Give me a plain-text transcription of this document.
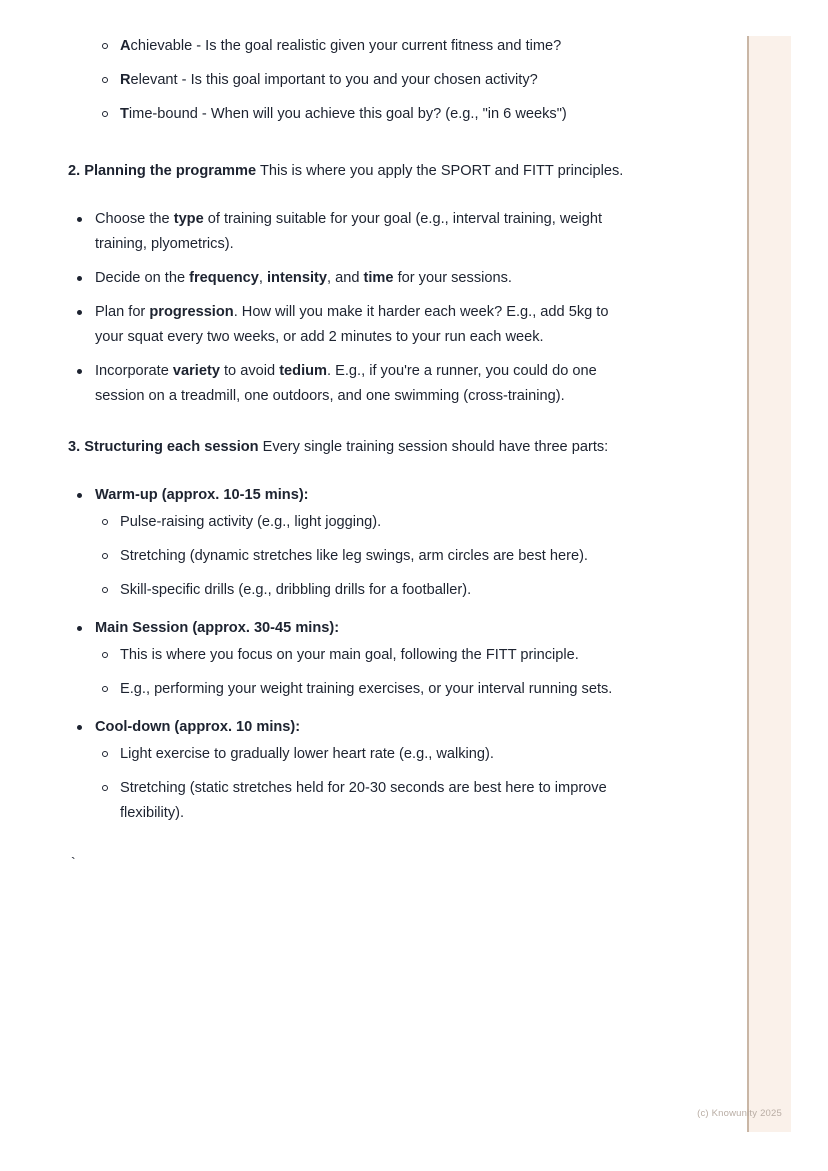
Achievable - Is the goal realistic given your current fitness and time?
Relevant - Is this goal important to you and your chosen activity?
Time-bound - When will you achieve this goal by? (e.g., "in 6 weeks")

2. Planning the programme This is where you apply the SPORT and FITT principles.

Choose the type of training suitable for your goal (e.g., interval training, weight training, plyometrics).
Decide on the frequency, intensity, and time for your sessions.
Plan for progression. How will you make it harder each week? E.g., add 5kg to your squat every two weeks, or add 2 minutes to your run each week.
Incorporate variety to avoid tedium. E.g., if you're a runner, you could do one session on a treadmill, one outdoors, and one swimming (cross-training).

3. Structuring each session Every single training session should have three parts:

Warm-up (approx. 10-15 mins):
Pulse-raising activity (e.g., light jogging).
Stretching (dynamic stretches like leg swings, arm circles are best here).
Skill-specific drills (e.g., dribbling drills for a footballer).
Main Session (approx. 30-45 mins):
This is where you focus on your main goal, following the FITT principle.
E.g., performing your weight training exercises, or your interval running sets.
Cool-down (approx. 10 mins):
Light exercise to gradually lower heart rate (e.g., walking).
Stretching (static stretches held for 20-30 seconds are best here to improve flexibility).
`
(c) Knowunity 2025
